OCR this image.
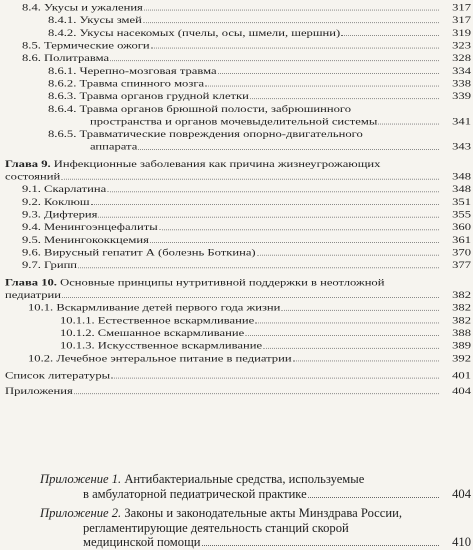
8.4. Укусы и ужаления	317
8.4.1. Укусы змей	317
8.4.2. Укусы насекомых (пчелы, осы, шмели, шершни)	319
8.5. Термические ожоги	323
8.6. Политравма	328
8.6.1. Черепно-мозговая травма	334
8.6.2. Травма спинного мозга	338
8.6.3. Травма органов грудной клетки	339
8.6.4. Травма органов брюшной полости, забрюшинного
пространства и органов мочевыделительной системы	341
8.6.5. Травматические повреждения опорно-двигательного
аппарата	343
Глава 9. Инфекционные заболевания как причина жизнеугрожающих
состояний	348
9.1. Скарлатина	348
9.2. Коклюш	351
9.3. Дифтерия	355
9.4. Менингоэнцефалиты	360
9.5. Менингококкцемия	361
9.6. Вирусный гепатит А (болезнь Боткина)	370
9.7. Грипп	377
Глава 10. Основные принципы нутритивной поддержки в неотложной
педиатрии	382
10.1. Вскармливание детей первого года жизни	382
10.1.1. Естественное вскармливание	382
10.1.2. Смешанное вскармливание	388
10.1.3. Искусственное вскармливание	389
10.2. Лечебное энтеральное питание в педиатрии	392
Список литературы	401
Приложения	404
Приложение 1. Антибактериальные средства, используемые
в амбулаторной педиатрической практике	404
Приложение 2. Законы и законодательные акты Минздрава России,
регламентирующие деятельность станций скорой
медицинской помощи	410
